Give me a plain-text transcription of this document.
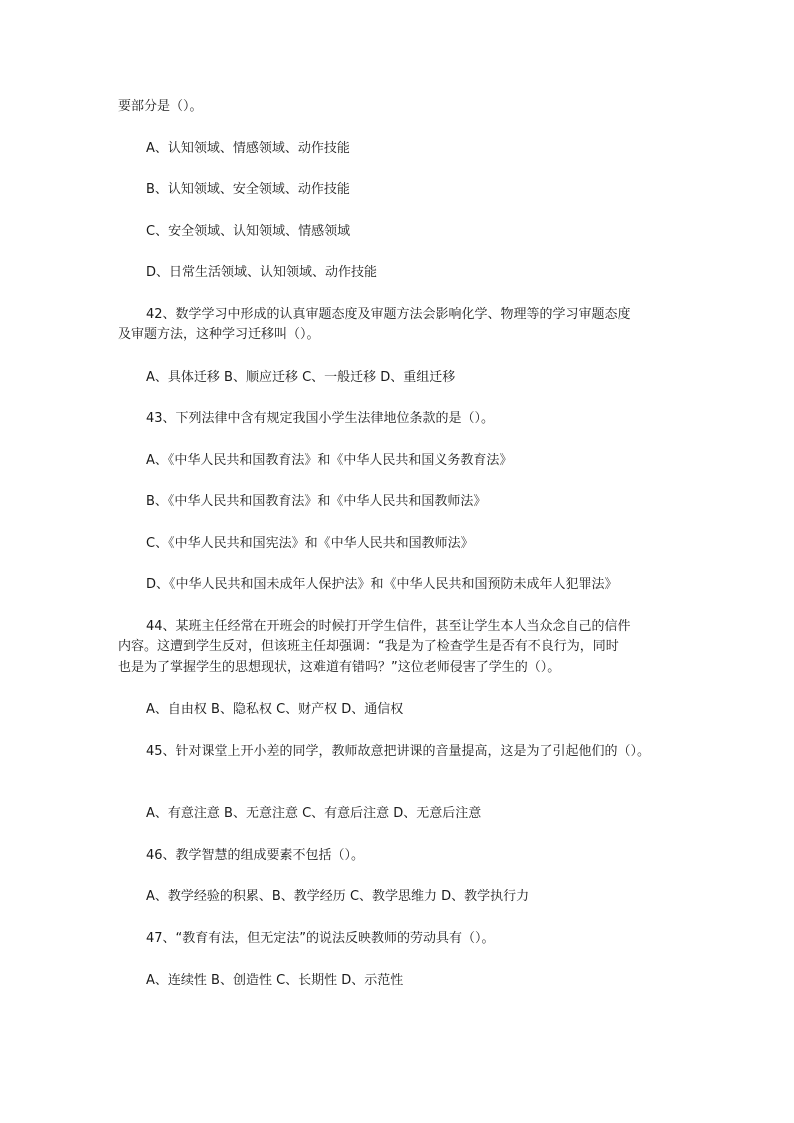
要部分是（）。
A、认知领域、情感领域、动作技能
B、认知领域、安全领域、动作技能
C、安全领域、认知领域、情感领域
D、日常生活领域、认知领域、动作技能
42、数学学习中形成的认真审题态度及审题方法会影响化学、物理等的学习审题态度
及审题方法，这种学习迁移叫（）。
A、具体迁移 B、顺应迁移 C、一般迁移 D、重组迁移
43、下列法律中含有规定我国小学生法律地位条款的是（）。
A、《中华人民共和国教育法》和《中华人民共和国义务教育法》
B、《中华人民共和国教育法》和《中华人民共和国教师法》
C、《中华人民共和国宪法》和《中华人民共和国教师法》
D、《中华人民共和国未成年人保护法》和《中华人民共和国预防未成年人犯罪法》
44、某班主任经常在开班会的时候打开学生信件，甚至让学生本人当众念自己的信件
内容。这遭到学生反对，但该班主任却强调：“我是为了检查学生是否有不良行为，同时
也是为了掌握学生的思想现状，这难道有错吗？”这位老师侵害了学生的（）。
A、自由权 B、隐私权 C、财产权 D、通信权
45、针对课堂上开小差的同学，教师故意把讲课的音量提高，这是为了引起他们的（）。
A、有意注意 B、无意注意 C、有意后注意 D、无意后注意
46、教学智慧的组成要素不包括（）。
A、教学经验的积累、B、教学经历 C、教学思维力 D、教学执行力
47、“教育有法，但无定法”的说法反映教师的劳动具有（）。
A、连续性 B、创造性 C、长期性 D、示范性
